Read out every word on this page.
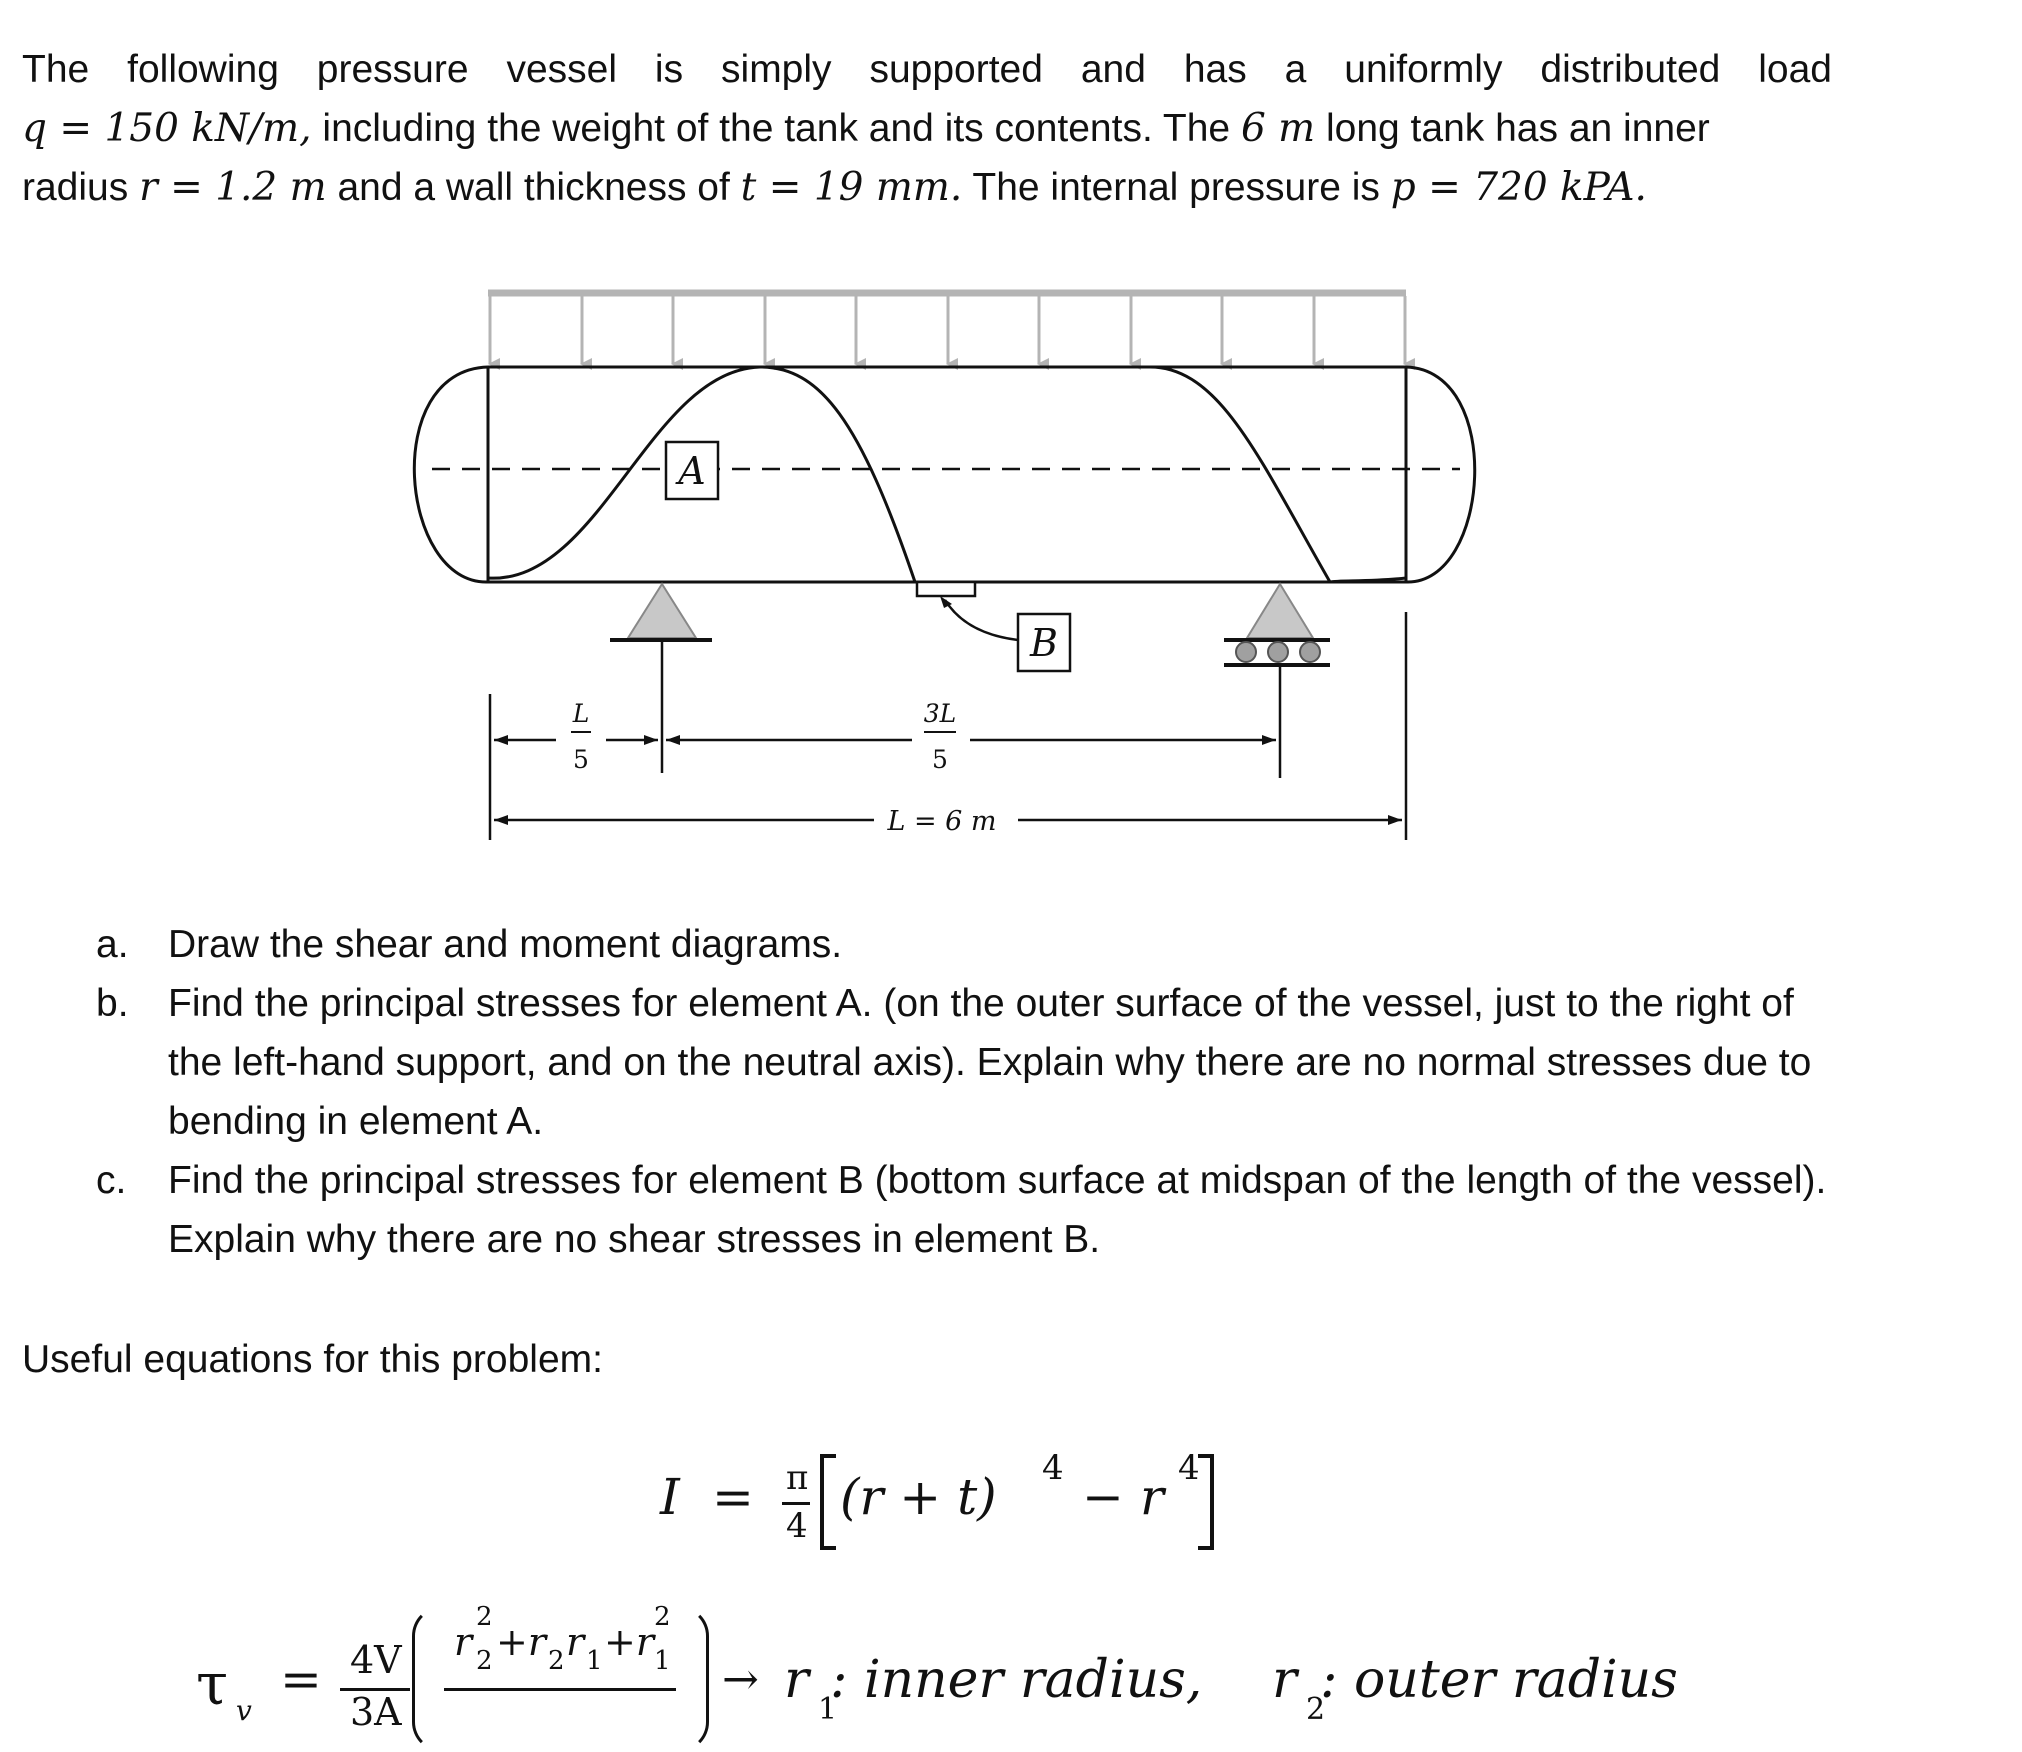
The following pressure vessel is simply supported and has a uniformly distributed load
q = 150 kN/m, including the weight of the tank and its contents. The 6 m long tank has an inner
radius r = 1.2 m and a wall thickness of t = 19 mm. The internal pressure is p = 720 kPA.
A
B
L
5
3L
5
L = 6 m
a. Draw the shear and moment diagrams.
b. Find the principal stresses for element A. (on the outer surface of the vessel, just to the right of the left-hand support, and on the neutral axis). Explain why there are no normal stresses due to bending in element A.
c. Find the principal stresses for element B (bottom surface at midspan of the length of the vessel). Explain why there are no shear stresses in element B.
Useful equations for this problem:
I = π
4 (r + t) 4 − r 4
τ v
= 4V
3A
r
2
2 +r 2 r 1 +r
2
1 → r 1
: inner radius, r 2
: outer radius
